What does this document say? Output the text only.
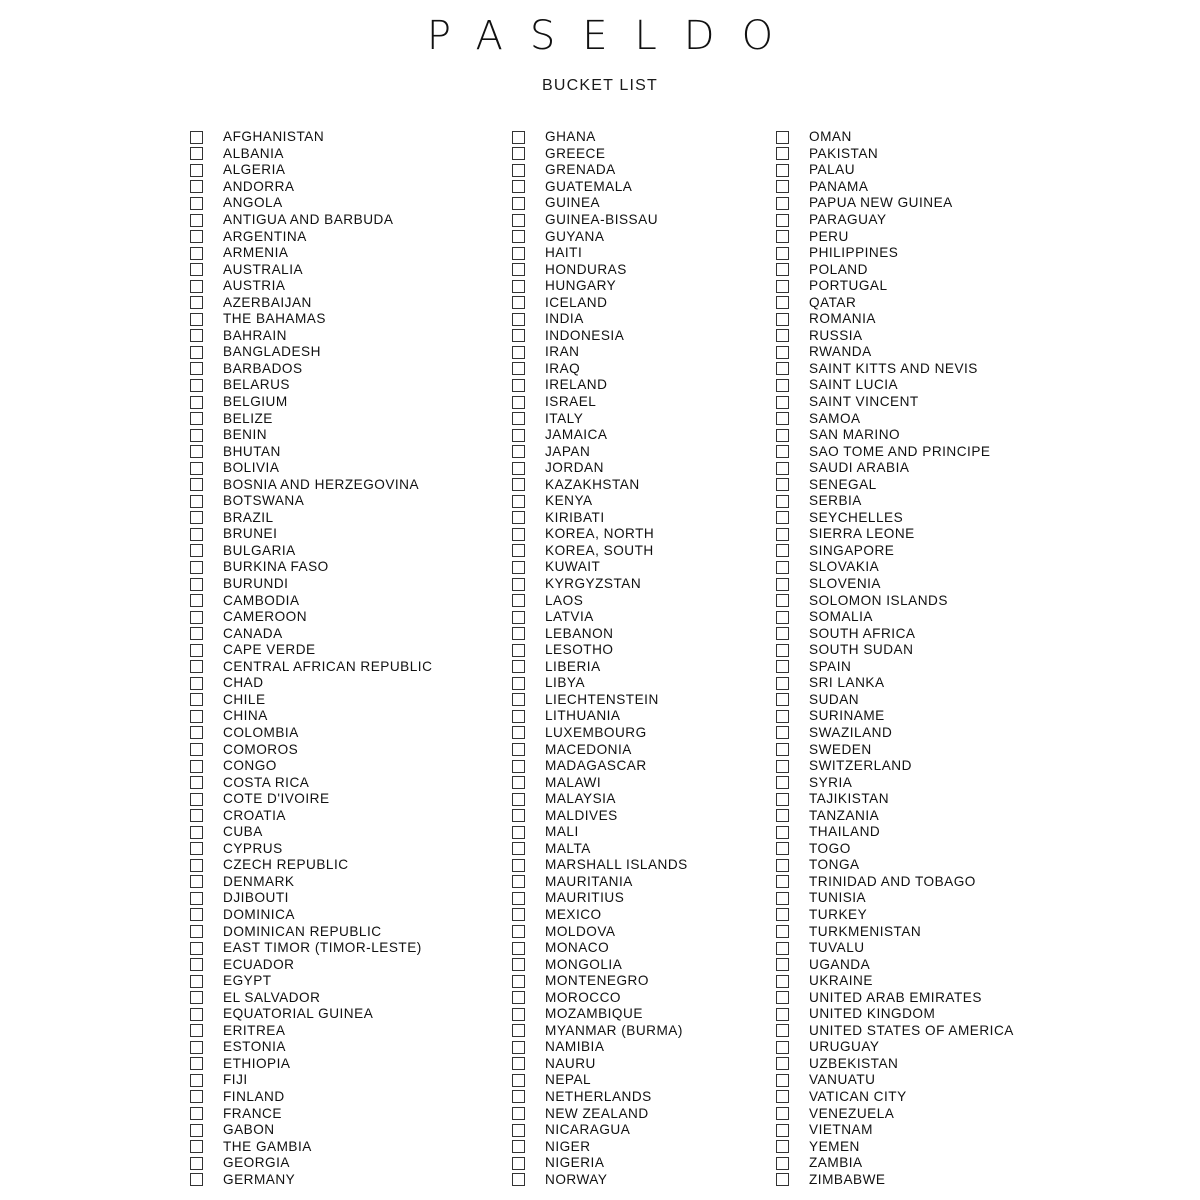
PASELDO
BUCKET LIST
AFGHANISTAN
ALBANIA
ALGERIA
ANDORRA
ANGOLA
ANTIGUA AND BARBUDA
ARGENTINA
ARMENIA
AUSTRALIA
AUSTRIA
AZERBAIJAN
THE BAHAMAS
BAHRAIN
BANGLADESH
BARBADOS
BELARUS
BELGIUM
BELIZE
BENIN
BHUTAN
BOLIVIA
BOSNIA AND HERZEGOVINA
BOTSWANA
BRAZIL
BRUNEI
BULGARIA
BURKINA FASO
BURUNDI
CAMBODIA
CAMEROON
CANADA
CAPE VERDE
CENTRAL AFRICAN REPUBLIC
CHAD
CHILE
CHINA
COLOMBIA
COMOROS
CONGO
COSTA RICA
COTE D'IVOIRE
CROATIA
CUBA
CYPRUS
CZECH REPUBLIC
DENMARK
DJIBOUTI
DOMINICA
DOMINICAN REPUBLIC
EAST TIMOR (TIMOR-LESTE)
ECUADOR
EGYPT
EL SALVADOR
EQUATORIAL GUINEA
ERITREA
ESTONIA
ETHIOPIA
FIJI
FINLAND
FRANCE
GABON
THE GAMBIA
GEORGIA
GERMANY
GHANA
GREECE
GRENADA
GUATEMALA
GUINEA
GUINEA-BISSAU
GUYANA
HAITI
HONDURAS
HUNGARY
ICELAND
INDIA
INDONESIA
IRAN
IRAQ
IRELAND
ISRAEL
ITALY
JAMAICA
JAPAN
JORDAN
KAZAKHSTAN
KENYA
KIRIBATI
KOREA, NORTH
KOREA, SOUTH
KUWAIT
KYRGYZSTAN
LAOS
LATVIA
LEBANON
LESOTHO
LIBERIA
LIBYA
LIECHTENSTEIN
LITHUANIA
LUXEMBOURG
MACEDONIA
MADAGASCAR
MALAWI
MALAYSIA
MALDIVES
MALI
MALTA
MARSHALL ISLANDS
MAURITANIA
MAURITIUS
MEXICO
MOLDOVA
MONACO
MONGOLIA
MONTENEGRO
MOROCCO
MOZAMBIQUE
MYANMAR (BURMA)
NAMIBIA
NAURU
NEPAL
NETHERLANDS
NEW ZEALAND
NICARAGUA
NIGER
NIGERIA
NORWAY
OMAN
PAKISTAN
PALAU
PANAMA
PAPUA NEW GUINEA
PARAGUAY
PERU
PHILIPPINES
POLAND
PORTUGAL
QATAR
ROMANIA
RUSSIA
RWANDA
SAINT KITTS AND NEVIS
SAINT LUCIA
SAINT VINCENT
SAMOA
SAN MARINO
SAO TOME AND PRINCIPE
SAUDI ARABIA
SENEGAL
SERBIA
SEYCHELLES
SIERRA LEONE
SINGAPORE
SLOVAKIA
SLOVENIA
SOLOMON ISLANDS
SOMALIA
SOUTH AFRICA
SOUTH SUDAN
SPAIN
SRI LANKA
SUDAN
SURINAME
SWAZILAND
SWEDEN
SWITZERLAND
SYRIA
TAJIKISTAN
TANZANIA
THAILAND
TOGO
TONGA
TRINIDAD AND TOBAGO
TUNISIA
TURKEY
TURKMENISTAN
TUVALU
UGANDA
UKRAINE
UNITED ARAB EMIRATES
UNITED KINGDOM
UNITED STATES OF AMERICA
URUGUAY
UZBEKISTAN
VANUATU
VATICAN CITY
VENEZUELA
VIETNAM
YEMEN
ZAMBIA
ZIMBABWE
